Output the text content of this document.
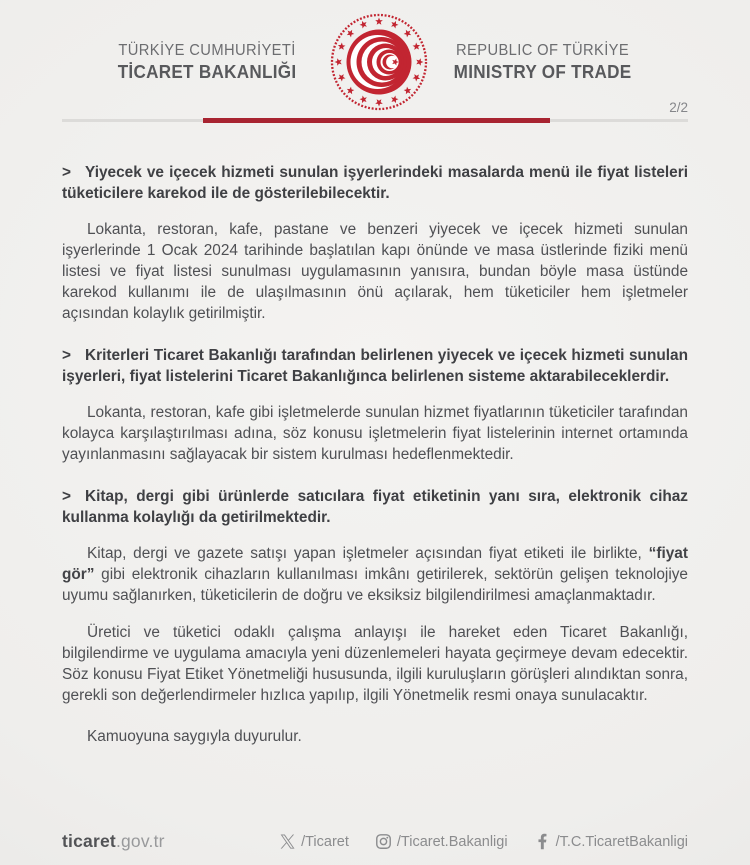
TÜRKİYE CUMHURİYETİ
TİCARET BAKANLIĞI
REPUBLIC OF TÜRKİYE
MINISTRY OF TRADE
2/2
> Yiyecek ve içecek hizmeti sunulan işyerlerindeki masalarda menü ile fiyat listeleri tüketicilere karekod ile de gösterilebilecektir.

Lokanta, restoran, kafe, pastane ve benzeri yiyecek ve içecek hizmeti sunulan işyerlerinde 1 Ocak 2024 tarihinde başlatılan kapı önünde ve masa üstlerinde fiziki menü listesi ve fiyat listesi sunulması uygulamasının yanısıra, bundan böyle masa üstünde karekod kullanımı ile de ulaşılmasının önü açılarak, hem tüketiciler hem işletmeler açısından kolaylık getirilmiştir.

> Kriterleri Ticaret Bakanlığı tarafından belirlenen yiyecek ve içecek hizmeti sunulan işyerleri, fiyat listelerini Ticaret Bakanlığınca belirlenen sisteme aktarabileceklerdir.

Lokanta, restoran, kafe gibi işletmelerde sunulan hizmet fiyatlarının tüketiciler tarafından kolayca karşılaştırılması adına, söz konusu işletmelerin fiyat listelerinin internet ortamında yayınlanmasını sağlayacak bir sistem kurulması hedeflenmektedir.

> Kitap, dergi gibi ürünlerde satıcılara fiyat etiketinin yanı sıra, elektronik cihaz kullanma kolaylığı da getirilmektedir.

Kitap, dergi ve gazete satışı yapan işletmeler açısından fiyat etiketi ile birlikte, “fiyat gör” gibi elektronik cihazların kullanılması imkânı getirilerek, sektörün gelişen teknolojiye uyumu sağlanırken, tüketicilerin de doğru ve eksiksiz bilgilendirilmesi amaçlanmaktadır.

Üretici ve tüketici odaklı çalışma anlayışı ile hareket eden Ticaret Bakanlığı, bilgilendirme ve uygulama amacıyla yeni düzenlemeleri hayata geçirmeye devam edecektir. Söz konusu Fiyat Etiket Yönetmeliği hususunda, ilgili kuruluşların görüşleri alındıktan sonra, gerekli son değerlendirmeler hızlıca yapılıp, ilgili Yönetmelik resmi onaya sunulacaktır.

Kamuoyuna saygıyla duyurulur.

ticaret.gov.tr	/Ticaret	/Ticaret.Bakanligi	/T.C.TicaretBakanligi
